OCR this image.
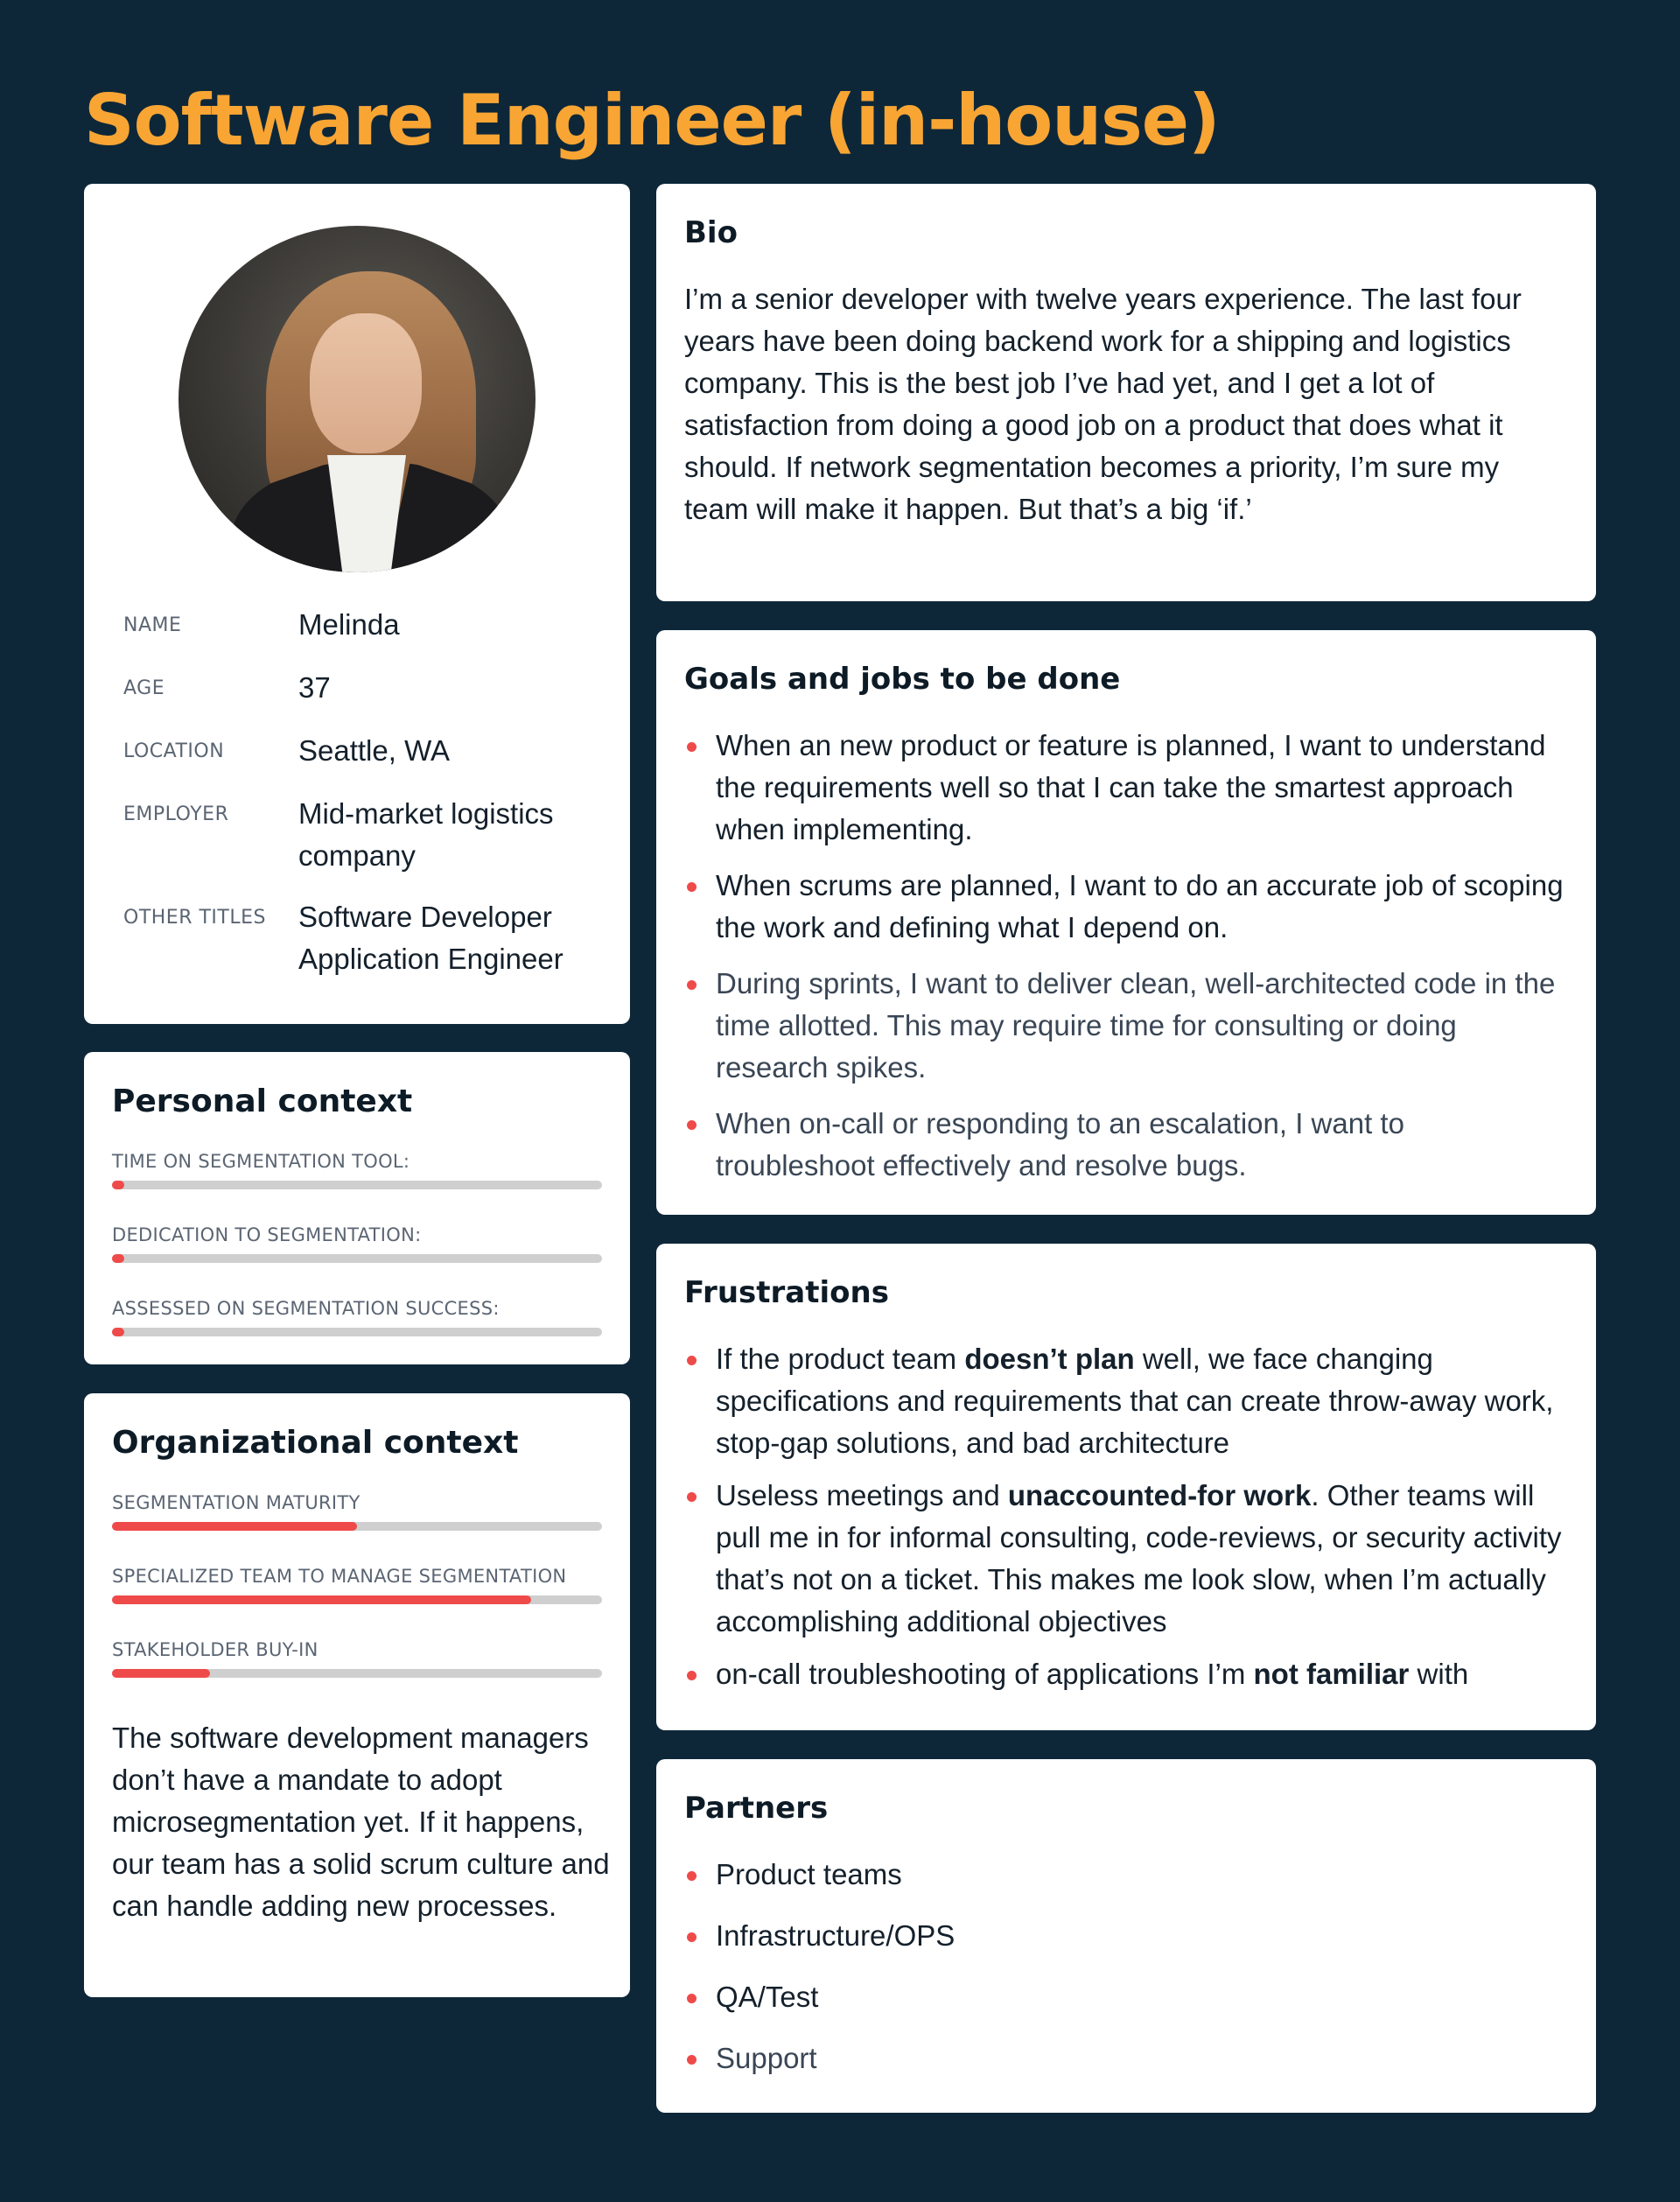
Software Engineer (in-house)
NAME	Melinda
AGE	37
LOCATION	Seattle, WA
EMPLOYER	Mid-market logistics company
OTHER TITLES	Software Developer
Application Engineer
Personal context
TIME ON SEGMENTATION TOOL:
DEDICATION TO SEGMENTATION:
ASSESSED ON SEGMENTATION SUCCESS:
Organizational context
SEGMENTATION MATURITY
SPECIALIZED TEAM TO MANAGE SEGMENTATION
STAKEHOLDER BUY-IN

The software development managers don’t have a mandate to adopt microsegmentation yet. If it happens, our team has a solid scrum culture and can handle adding new processes.

Bio

I’m a senior developer with twelve years experience. The last four years have been doing backend work for a shipping and logistics company. This is the best job I’ve had yet, and I get a lot of satisfaction from doing a good job on a product that does what it should. If network segmentation becomes a priority, I’m sure my team will make it happen. But that’s a big ‘if.’

Goals and jobs to be done
When an new product or feature is planned, I want to understand the requirements well so that I can take the smartest approach when implementing.
When scrums are planned, I want to do an accurate job of scoping the work and defining what I depend on.
During sprints, I want to deliver clean, well-architected code in the time allotted. This may require time for consulting or doing research spikes.
When on-call or responding to an escalation, I want to troubleshoot effectively and resolve bugs.
Frustrations
If the product team doesn’t plan well, we face changing specifications and requirements that can create throw-away work, stop-gap solutions, and bad architecture
Useless meetings and unaccounted-for work. Other teams will pull me in for informal consulting, code-reviews, or security activity that’s not on a ticket. This makes me look slow, when I’m actually accomplishing additional objectives
on-call troubleshooting of applications I’m not familiar with
Partners
Product teams
Infrastructure/OPS
QA/Test
Support
